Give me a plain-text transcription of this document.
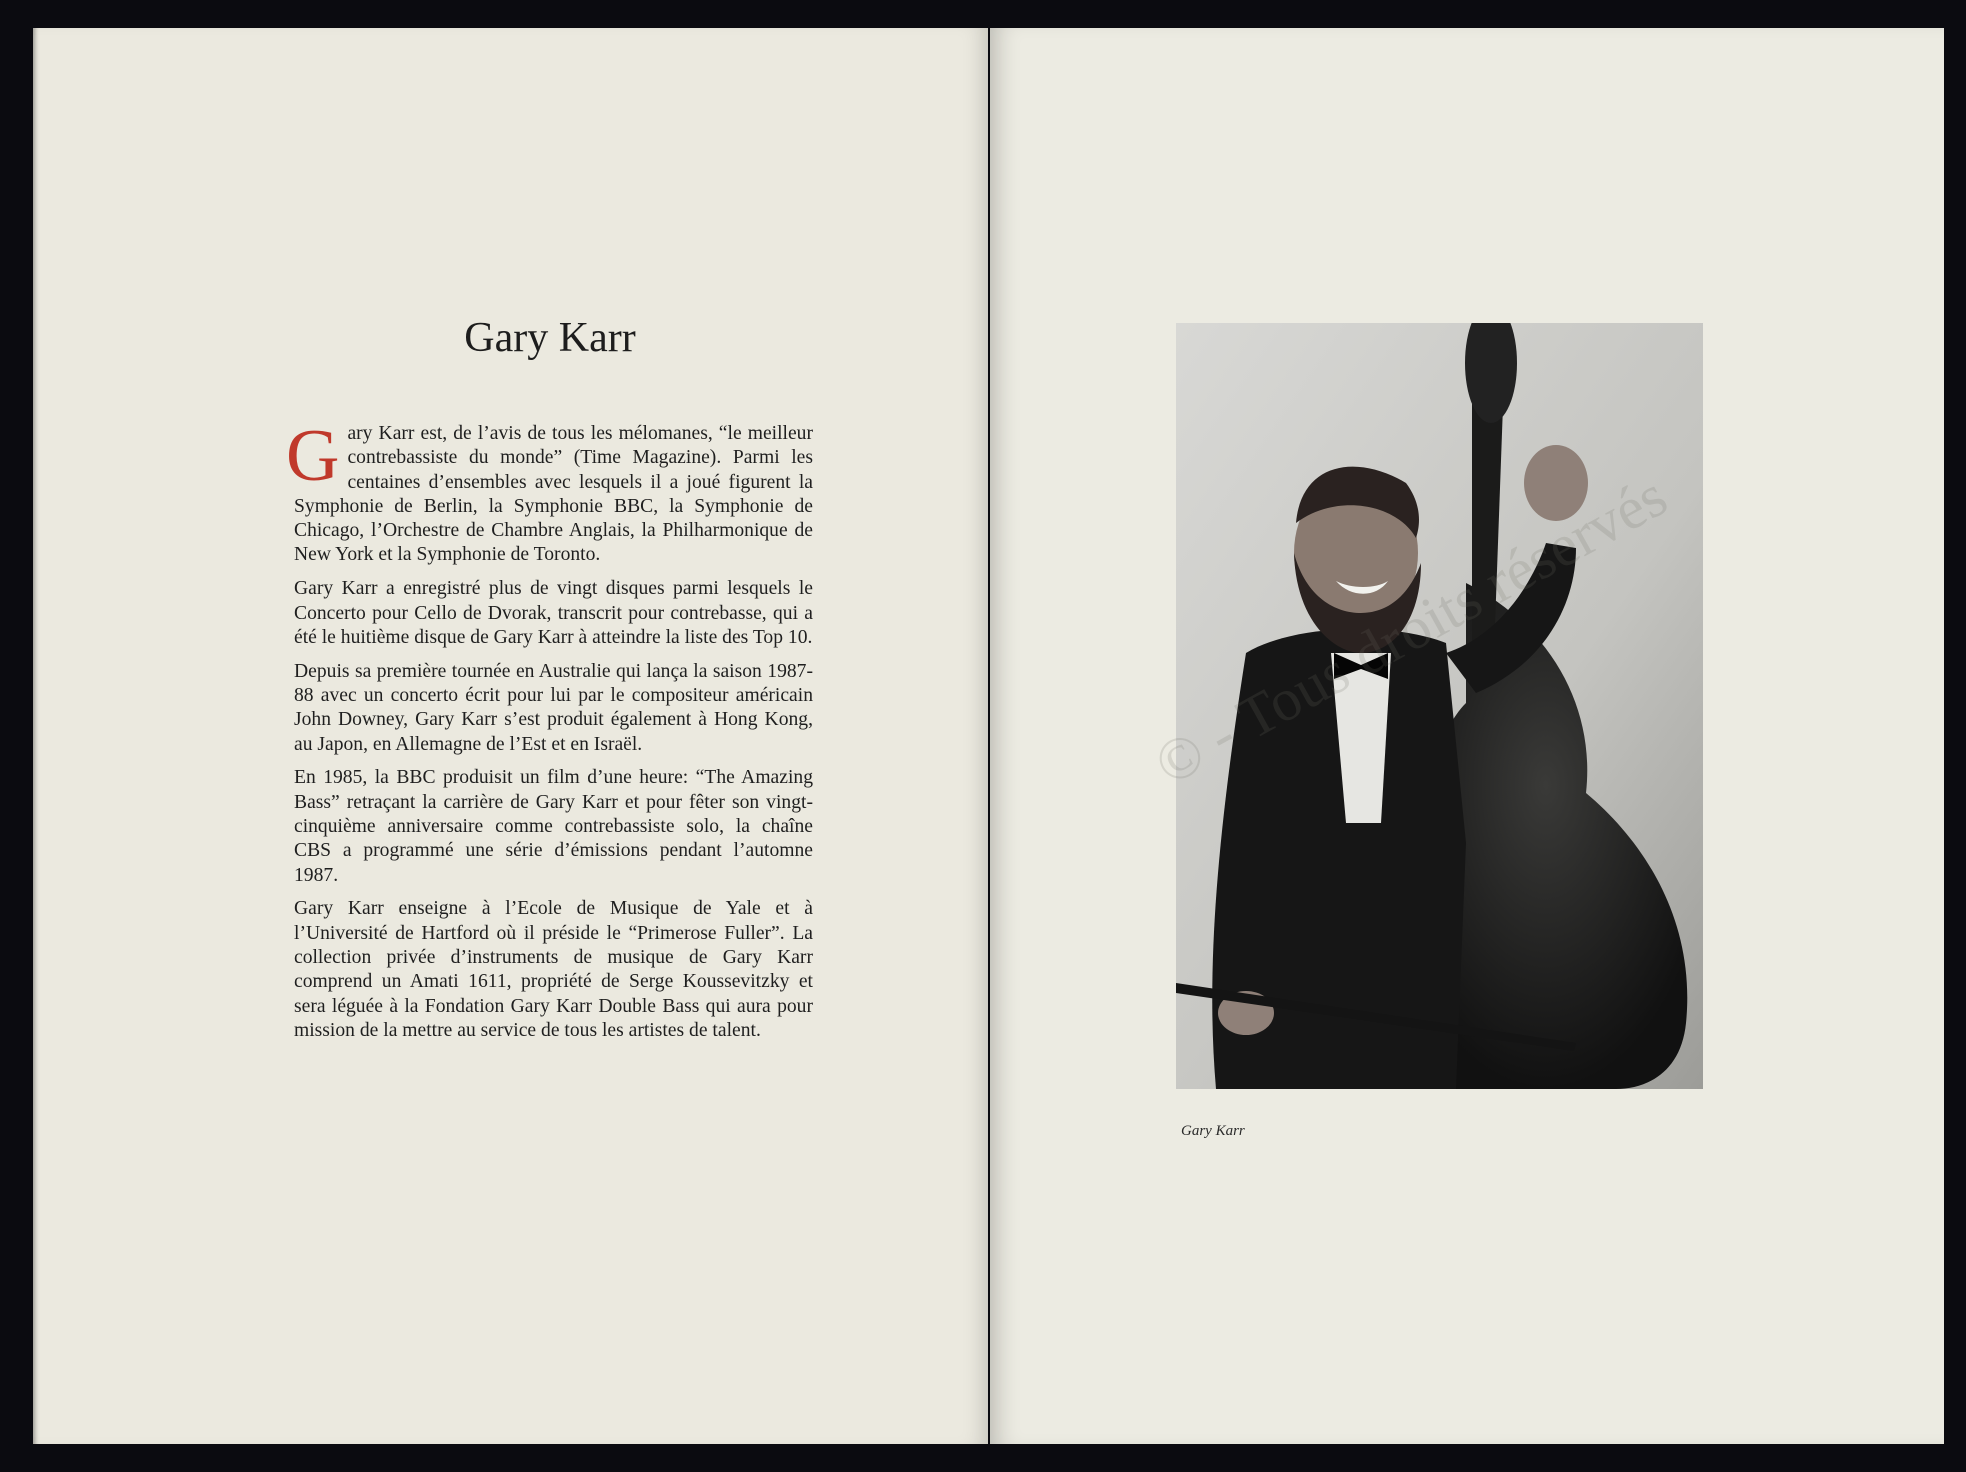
Gary Karr

Gary Karr est, de l’avis de tous les mélomanes, “le meilleur contrebassiste du monde” (Time Magazine). Parmi les centaines d’ensembles avec lesquels il a joué figurent la Symphonie de Berlin, la Symphonie BBC, la Symphonie de Chicago, l’Orchestre de Chambre Anglais, la Philharmonique de New York et la Symphonie de Toronto.

Gary Karr a enregistré plus de vingt disques parmi lesquels le Concerto pour Cello de Dvorak, transcrit pour contrebasse, qui a été le huitième disque de Gary Karr à atteindre la liste des Top 10.

Depuis sa première tournée en Australie qui lança la saison 1987-88 avec un concerto écrit pour lui par le compositeur américain John Downey, Gary Karr s’est produit également à Hong Kong, au Japon, en Allemagne de l’Est et en Israël.

En 1985, la BBC produisit un film d’une heure: “The Amazing Bass” retraçant la carrière de Gary Karr et pour fêter son vingt-cinquième anniversaire comme contrebassiste solo, la chaîne CBS a programmé une série d’émissions pendant l’automne 1987.

Gary Karr enseigne à l’Ecole de Musique de Yale et à l’Université de Hartford où il préside le “Primerose Fuller”. La collection privée d’instruments de musique de Gary Karr comprend un Amati 1611, propriété de Serge Koussevitzky et sera léguée à la Fondation Gary Karr Double Bass qui aura pour mission de la mettre au service de tous les artistes de talent.

Gary Karr
